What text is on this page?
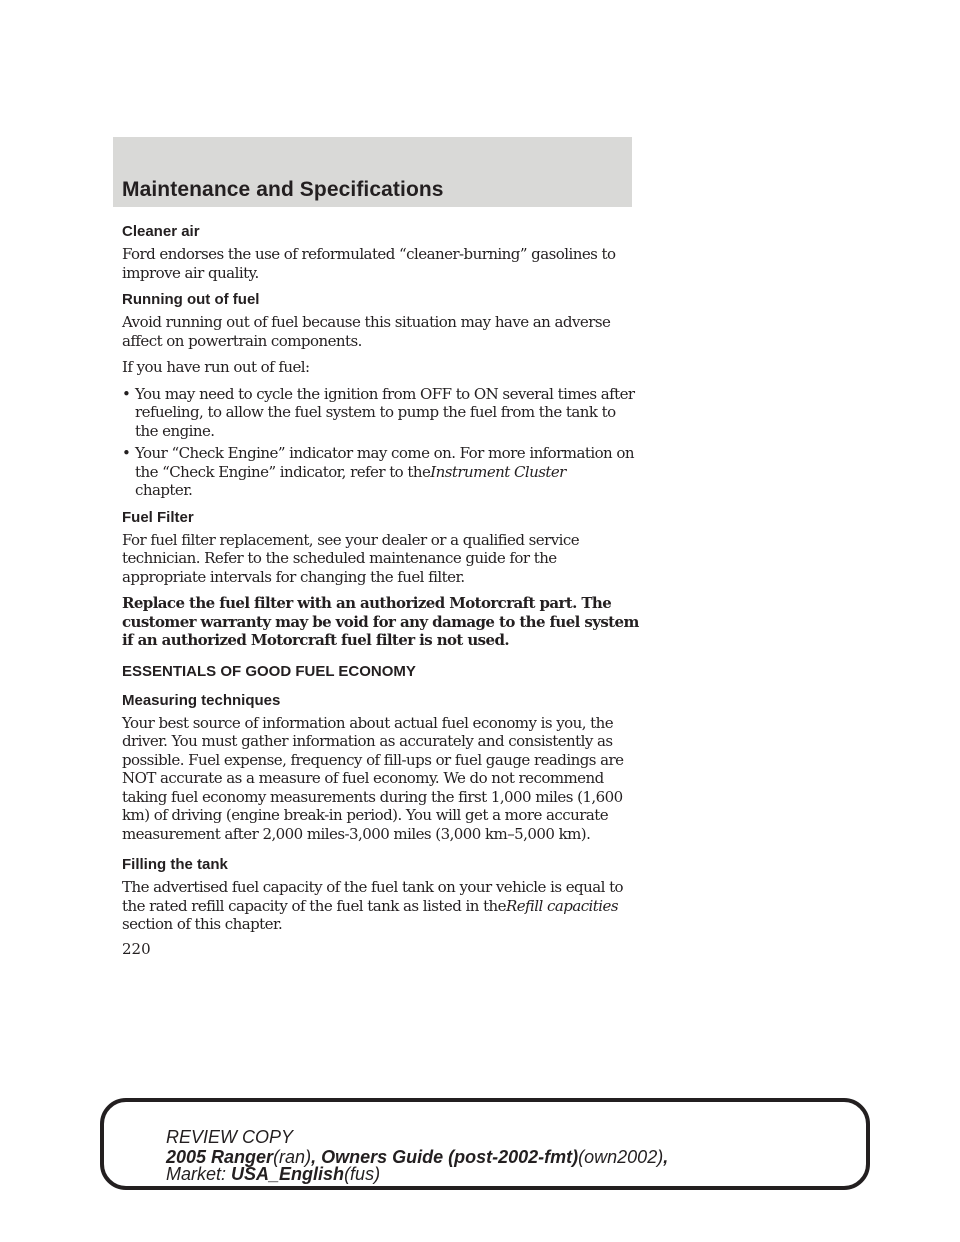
Maintenance and Specifications
Cleaner air

Ford endorses the use of reformulated “cleaner-burning” gasolines to improve air quality.

Running out of fuel

Avoid running out of fuel because this situation may have an adverse affect on powertrain components.

If you have run out of fuel:

• You may need to cycle the ignition from OFF to ON several times after refueling, to allow the fuel system to pump the fuel from the tank to the engine.
• Your “Check Engine” indicator may come on. For more information on the “Check Engine” indicator, refer to theInstrument Cluster
chapter.
Fuel Filter

For fuel filter replacement, see your dealer or a qualified service technician. Refer to the scheduled maintenance guide for the appropriate intervals for changing the fuel filter.

Replace the fuel filter with an authorized Motorcraft part. The customer warranty may be void for any damage to the fuel system if an authorized Motorcraft fuel filter is not used.

ESSENTIALS OF GOOD FUEL ECONOMY
Measuring techniques

Your best source of information about actual fuel economy is you, the driver. You must gather information as accurately and consistently as possible. Fuel expense, frequency of fill-ups or fuel gauge readings are NOT accurate as a measure of fuel economy. We do not recommend taking fuel economy measurements during the first 1,000 miles (1,600 km) of driving (engine break-in period). You will get a more accurate measurement after 2,000 miles-3,000 miles (3,000 km–5,000 km).

Filling the tank

The advertised fuel capacity of the fuel tank on your vehicle is equal to the rated refill capacity of the fuel tank as listed in theRefill capacities
section of this chapter.

220

REVIEW COPY
2005 Ranger(ran), Owners Guide (post-2002-fmt)(own2002),
Market: USA_English(fus)
